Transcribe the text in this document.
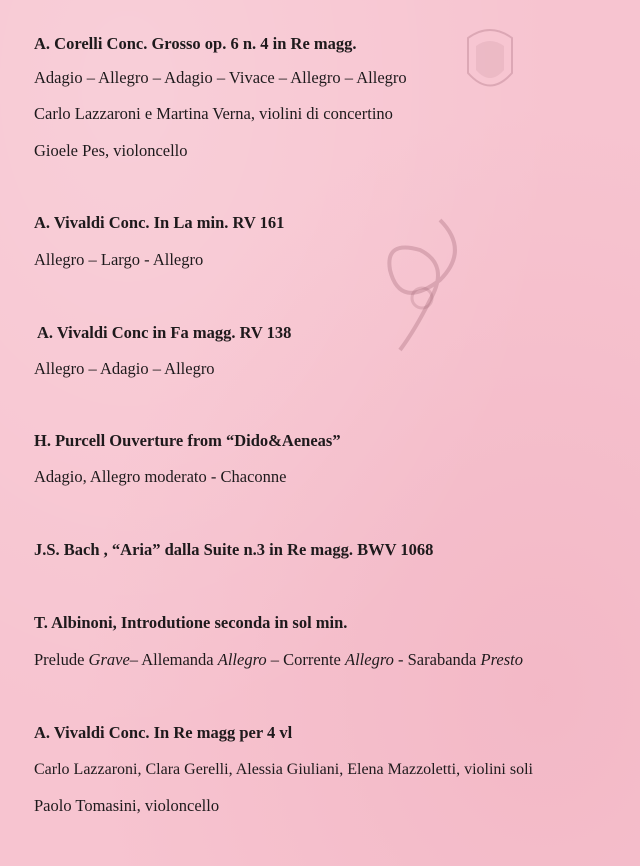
A. Corelli Conc. Grosso op. 6 n. 4 in Re magg.
Adagio – Allegro – Adagio – Vivace – Allegro – Allegro
Carlo Lazzaroni e Martina Verna, violini di concertino
Gioele Pes, violoncello
A. Vivaldi Conc. In La min. RV 161
Allegro – Largo - Allegro
A. Vivaldi Conc in Fa magg. RV 138
Allegro – Adagio – Allegro
H. Purcell Ouverture from “Dido&Aeneas”
Adagio, Allegro moderato - Chaconne
J.S. Bach , “Aria” dalla Suite n.3 in Re magg. BWV 1068
T. Albinoni, Introdutione seconda in sol min.
Prelude Grave– Allemanda Allegro – Corrente Allegro - Sarabanda Presto
A. Vivaldi Conc. In Re magg per 4 vl
Carlo Lazzaroni, Clara Gerelli, Alessia Giuliani, Elena Mazzoletti, violini soli
Paolo Tomasini, violoncello
